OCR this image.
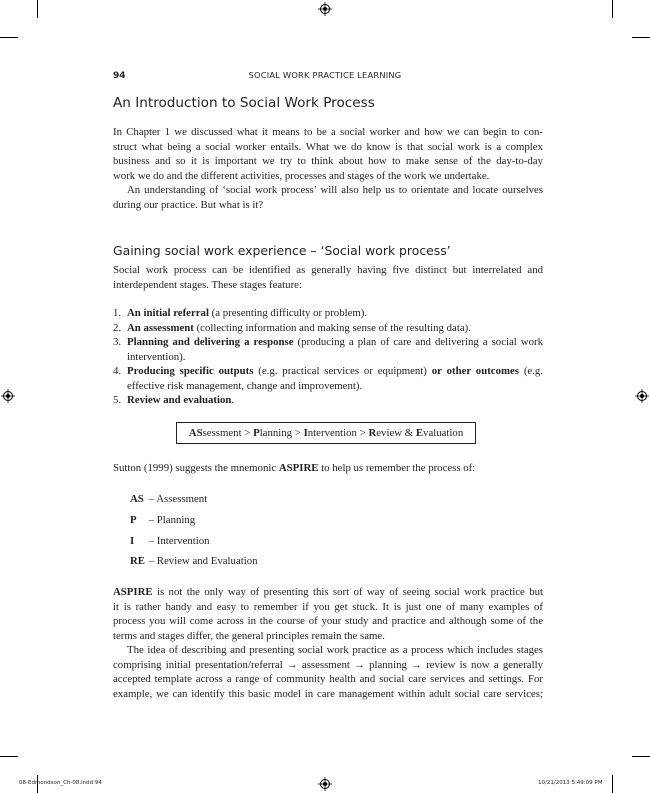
94	SOCIAL WORK PRACTICE LEARNING
An Introduction to Social Work Process
In Chapter 1 we discussed what it means to be a social worker and how we can begin to con-
struct what being a social worker entails. What we do know is that social work is a complex
business and so it is important we try to think about how to make sense of the day-to-day
work we do and the different activities, processes and stages of the work we undertake.
An understanding of ‘social work process’ will also help us to orientate and locate ourselves
during our practice. But what is it?
Gaining social work experience – ‘Social work process’
Social work process can be identified as generally having five distinct but interrelated and
interdependent stages. These stages feature:
1. An initial referral (a presenting difficulty or problem).
2. An assessment (collecting information and making sense of the resulting data).
3. Planning and delivering a response (producing a plan of care and delivering a social work
intervention).
4. Producing specific outputs (e.g. practical services or equipment) or other outcomes (e.g.
effective risk management, change and improvement).
5. Review and evaluation.
ASsessment > Planning > Intervention > Review & Evaluation
Sutton (1999) suggests the mnemonic ASPIRE to help us remember the process of:
AS – Assessment
P – Planning
I – Intervention
RE – Review and Evaluation
ASPIRE is not the only way of presenting this sort of way of seeing social work practice but
it is rather handy and easy to remember if you get stuck. It is just one of many examples of
process you will come across in the course of your study and practice and although some of the
terms and stages differ, the general principles remain the same.
The idea of describing and presenting social work practice as a process which includes stages
comprising initial presentation/referral → assessment → planning → review is now a generally
accepted template across a range of community health and social care services and settings. For
example, we can identify this basic model in care management within adult social care services;
08-Edmondson_Ch-08.indd 94	10/21/2013 5:49:09 PM
